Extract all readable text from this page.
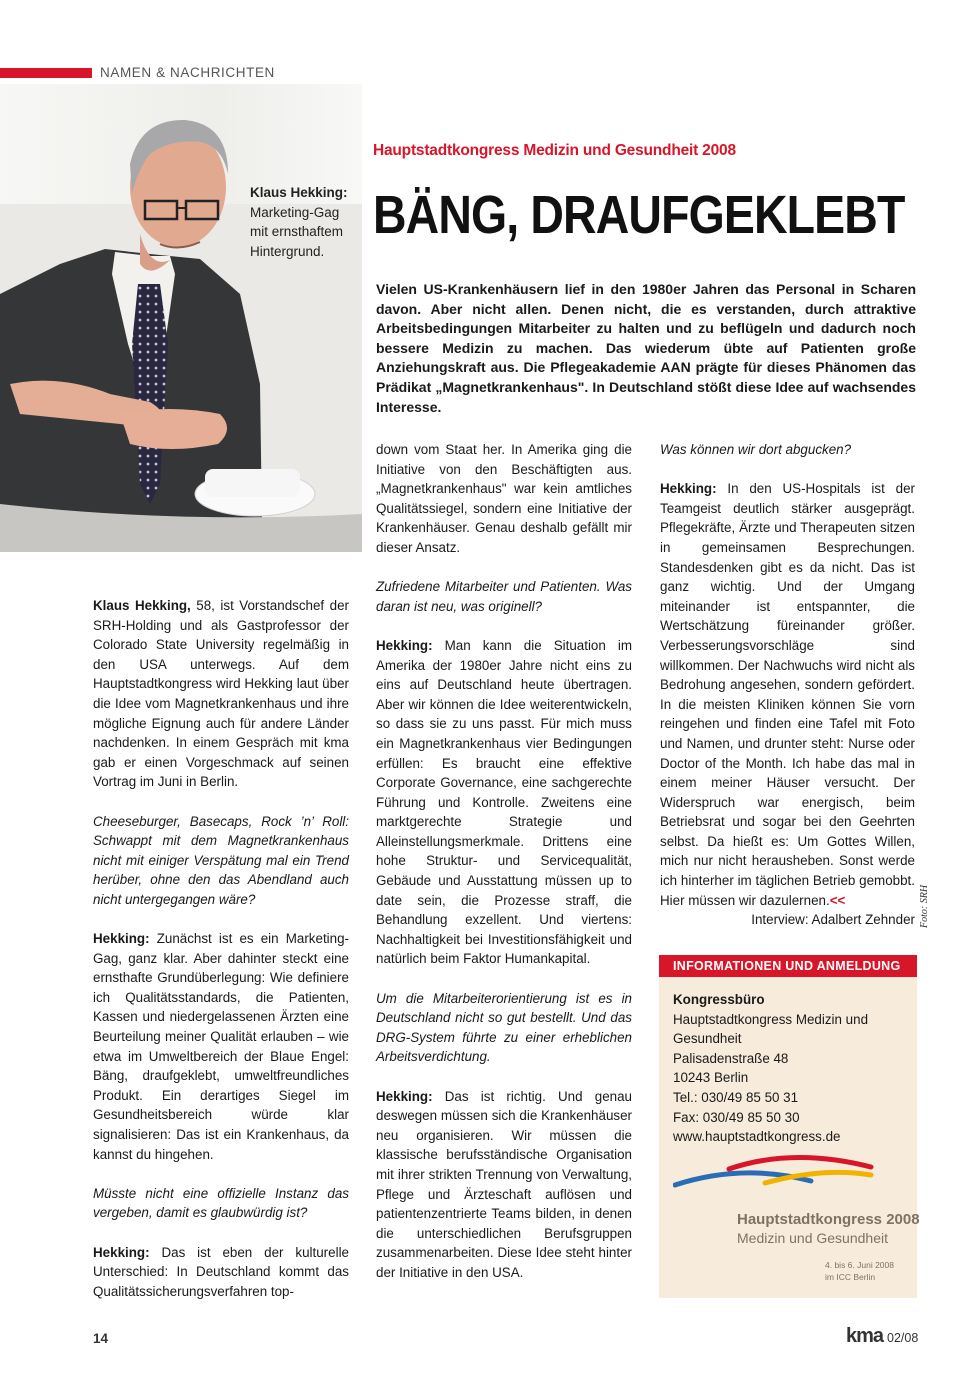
NAMEN & NACHRICHTEN
Klaus Hekking:
Marketing-Gag mit ernsthaftem Hintergrund.
Hauptstadtkongress Medizin und Gesundheit 2008
BÄNG, DRAUFGEKLEBT
Vielen US-Krankenhäusern lief in den 1980er Jahren das Personal in Scharen davon. Aber nicht allen. Denen nicht, die es verstanden, durch attraktive Arbeitsbedingungen Mitarbeiter zu halten und zu beflügeln und dadurch noch bessere Medizin zu machen. Das wiederum übte auf Patienten große Anziehungskraft aus. Die Pflegeakademie AAN prägte für dieses Phänomen das Prädikat „Magnetkrankenhaus". In Deutschland stößt diese Idee auf wachsendes Interesse.

Klaus Hekking, 58, ist Vorstandschef der SRH-Holding und als Gastprofessor der Colorado State University regelmäßig in den USA unterwegs. Auf dem Hauptstadtkongress wird Hekking laut über die Idee vom Magnetkrankenhaus und ihre mögliche Eignung auch für andere Länder nachdenken. In einem Gespräch mit kma gab er einen Vorgeschmack auf seinen Vortrag im Juni in Berlin.

Cheeseburger, Basecaps, Rock ’n’ Roll: Schwappt mit dem Magnetkrankenhaus nicht mit einiger Verspätung mal ein Trend herüber, ohne den das Abendland auch nicht untergegangen wäre?

Hekking: Zunächst ist es ein Marketing-Gag, ganz klar. Aber dahinter steckt eine ernsthafte Grundüberlegung: Wie definiere ich Qualitätsstandards, die Patienten, Kassen und niedergelassenen Ärzten eine Beurteilung meiner Qualität erlauben – wie etwa im Umweltbereich der Blaue Engel: Bäng, draufgeklebt, umweltfreundliches Produkt. Ein derartiges Siegel im Gesundheitsbereich würde klar signalisieren: Das ist ein Krankenhaus, da kannst du hingehen.

Müsste nicht eine offizielle Instanz das vergeben, damit es glaubwürdig ist?

Hekking: Das ist eben der kulturelle Unterschied: In Deutschland kommt das Qualitätssicherungsverfahren top-

down vom Staat her. In Amerika ging die Initiative von den Beschäftigten aus. „Magnetkrankenhaus" war kein amtliches Qualitätssiegel, sondern eine Initiative der Krankenhäuser. Genau deshalb gefällt mir dieser Ansatz.

Zufriedene Mitarbeiter und Patienten. Was daran ist neu, was originell?

Hekking: Man kann die Situation im Amerika der 1980er Jahre nicht eins zu eins auf Deutschland heute übertragen. Aber wir können die Idee weiterentwickeln, so dass sie zu uns passt. Für mich muss ein Magnetkrankenhaus vier Bedingungen erfüllen: Es braucht eine effektive Corporate Governance, eine sachgerechte Führung und Kontrolle. Zweitens eine marktgerechte Strategie und Alleinstellungsmerkmale. Drittens eine hohe Struktur- und Servicequalität, Gebäude und Ausstattung müssen up to date sein, die Prozesse straff, die Behandlung exzellent. Und viertens: Nachhaltigkeit bei Investitionsfähigkeit und natürlich beim Faktor Humankapital.

Um die Mitarbeiterorientierung ist es in Deutschland nicht so gut bestellt. Und das DRG-System führte zu einer erheblichen Arbeitsverdichtung.

Hekking: Das ist richtig. Und genau deswegen müssen sich die Krankenhäuser neu organisieren. Wir müssen die klassische berufsständische Organisation mit ihrer strikten Trennung von Verwaltung, Pflege und Ärzteschaft auflösen und patientenzentrierte Teams bilden, in denen die unterschiedlichen Berufsgruppen zusammenarbeiten. Diese Idee steht hinter der Initiative in den USA.

Was können wir dort abgucken?

Hekking: In den US-Hospitals ist der Teamgeist deutlich stärker ausgeprägt. Pflegekräfte, Ärzte und Therapeuten sitzen in gemeinsamen Besprechungen. Standesdenken gibt es da nicht. Das ist ganz wichtig. Und der Umgang miteinander ist entspannter, die Wertschätzung füreinander größer. Verbesserungsvorschläge sind willkommen. Der Nachwuchs wird nicht als Bedrohung angesehen, sondern gefördert. In die meisten Kliniken können Sie vorn reingehen und finden eine Tafel mit Foto und Namen, und drunter steht: Nurse oder Doctor of the Month. Ich habe das mal in einem meiner Häuser versucht. Der Widerspruch war energisch, beim Betriebsrat und sogar bei den Geehrten selbst. Da hießt es: Um Gottes Willen, mich nur nicht herausheben. Sonst werde ich hinterher im täglichen Betrieb gemobbt. Hier müssen wir dazulernen.<<

Interview: Adalbert Zehnder Foto: SRH
INFORMATIONEN UND ANMELDUNG
Kongressbüro
Hauptstadtkongress Medizin und Gesundheit
Palisadenstraße 48
10243 Berlin
Tel.: 030/49 85 50 31
Fax: 030/49 85 50 30
www.hauptstadtkongress.de
Hauptstadtkongress 2008
Medizin und Gesundheit
4. bis 6. Juni 2008
im ICC Berlin
14	kma 02/08
